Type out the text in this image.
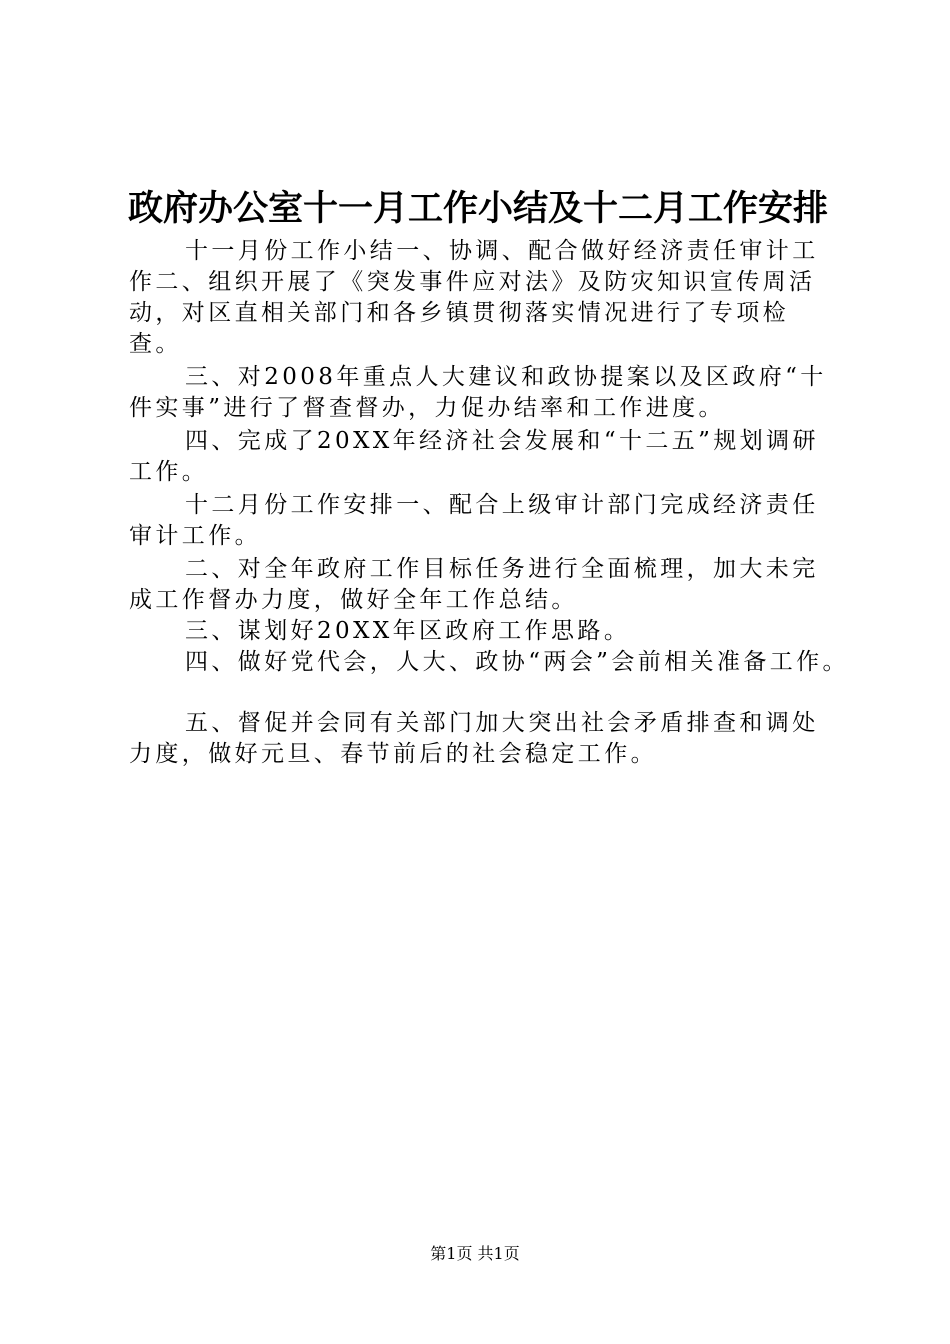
政府办公室十一月工作小结及十二月工作安排

十一月份工作小结一、协调、配合做好经济责任审计工作二、组织开展了《突发事件应对法》及防灾知识宣传周活动，对区直相关部门和各乡镇贯彻落实情况进行了专项检查。

三、对2008年重点人大建议和政协提案以及区政府“十件实事”进行了督查督办，力促办结率和工作进度。

四、完成了20XX年经济社会发展和“十二五”规划调研工作。

十二月份工作安排一、配合上级审计部门完成经济责任审计工作。

二、对全年政府工作目标任务进行全面梳理，加大未完成工作督办力度，做好全年工作总结。

三、谋划好20XX年区政府工作思路。

四、做好党代会，人大、政协“两会”会前相关准备工作。

五、督促并会同有关部门加大突出社会矛盾排查和调处力度，做好元旦、春节前后的社会稳定工作。

第1页 共1页
